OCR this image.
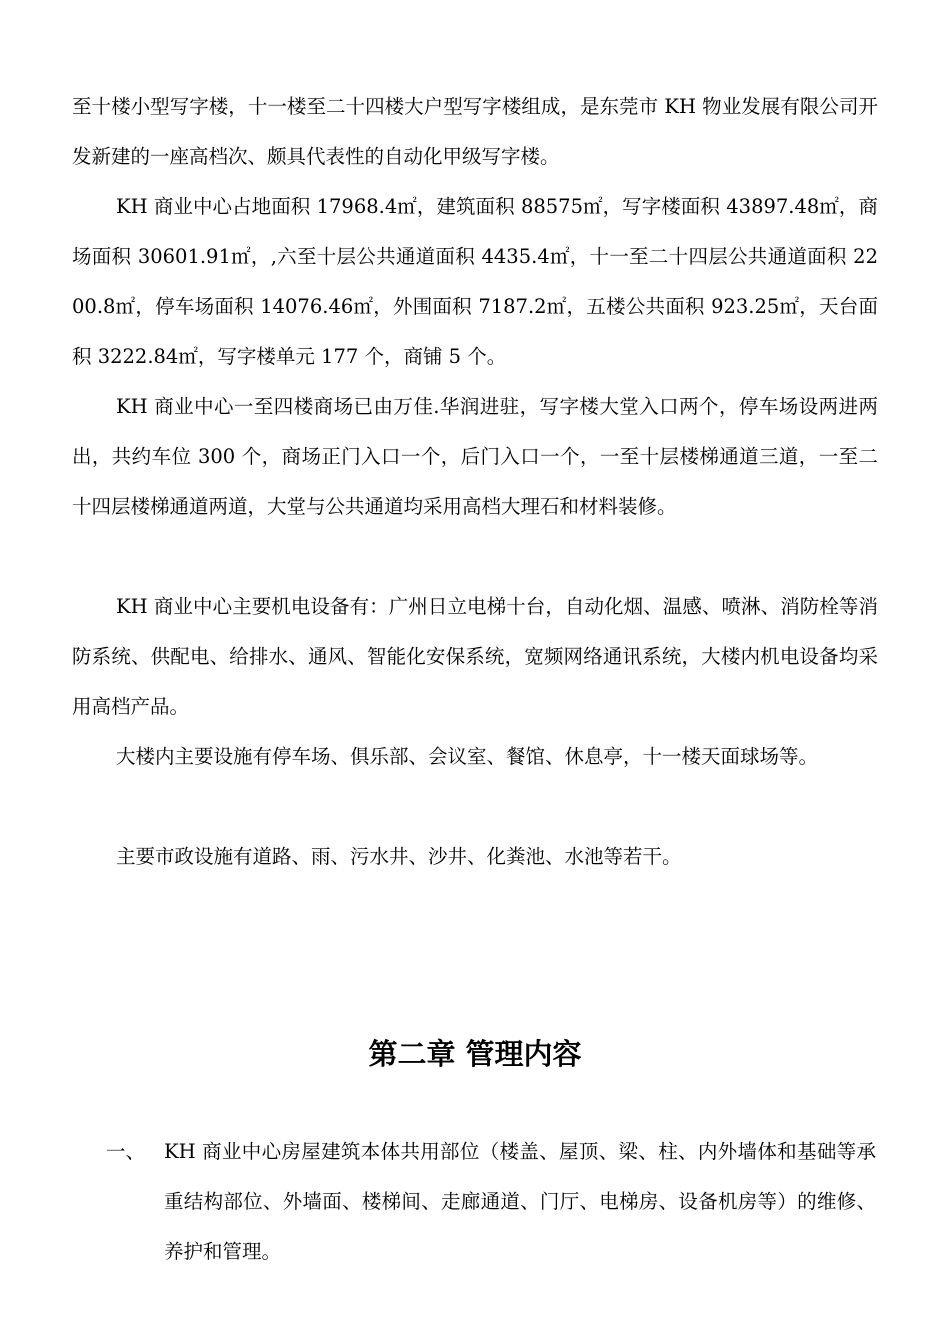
至十楼小型写字楼，十一楼至二十四楼大户型写字楼组成，是东莞市 KH 物业发展有限公司开发新建的一座高档次、颇具代表性的自动化甲级写字楼。

KH 商业中心占地面积 17968.4㎡，建筑面积 88575㎡，写字楼面积 43897.48㎡，商场面积 30601.91㎡，,六至十层公共通道面积 4435.4㎡，十一至二十四层公共通道面积 2200.8㎡，停车场面积 14076.46㎡，外围面积 7187.2㎡，五楼公共面积 923.25㎡，天台面积 3222.84㎡，写字楼单元 177 个，商铺 5 个。

KH 商业中心一至四楼商场已由万佳.华润进驻，写字楼大堂入口两个，停车场设两进两出，共约车位 300 个，商场正门入口一个，后门入口一个，一至十层楼梯通道三道，一至二十四层楼梯通道两道，大堂与公共通道均采用高档大理石和材料装修。

KH 商业中心主要机电设备有：广州日立电梯十台，自动化烟、温感、喷淋、消防栓等消防系统、供配电、给排水、通风、智能化安保系统，宽频网络通讯系统，大楼内机电设备均采用高档产品。

大楼内主要设施有停车场、俱乐部、会议室、餐馆、休息亭，十一楼天面球场等。

主要市政设施有道路、雨、污水井、沙井、化粪池、水池等若干。

第二章 管理内容
一、 KH 商业中心房屋建筑本体共用部位（楼盖、屋顶、梁、柱、内外墙体和基础等承重结构部位、外墙面、楼梯间、走廊通道、门厅、电梯房、设备机房等）的维修、养护和管理。
